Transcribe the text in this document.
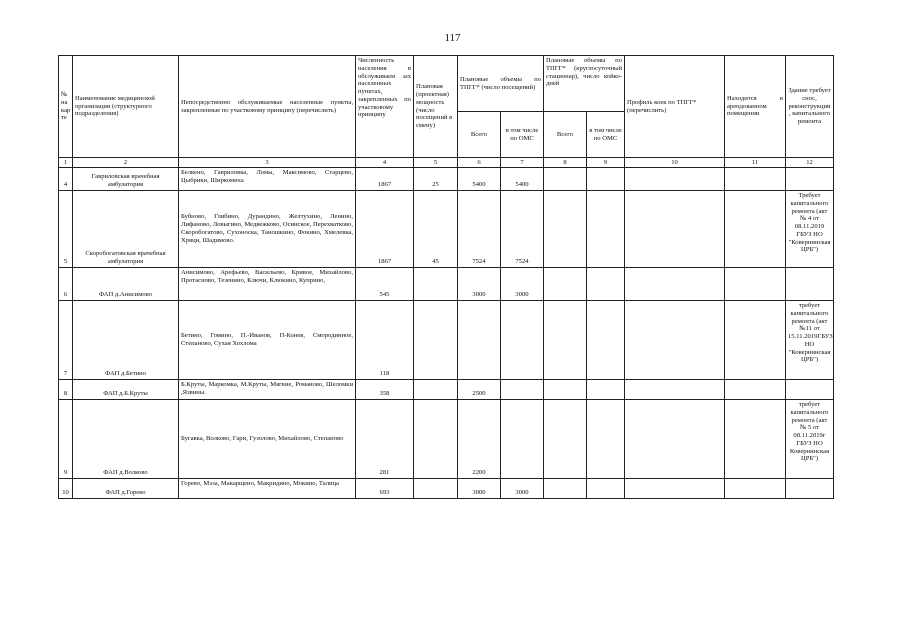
117
№ на кар те	Наименование медицинской организации (структурного подразделения)	Непосредственно обслуживаемые населенные пункты, закрепленные по участковому принципу (перечислить)	Численность населения в обслуживаем ых населенных пунктах, закрепленных по участковому принципу	Плановая (проектная) мощность (число посещений в смену)	Плановые объемы по ТПГГ* (число посещений)		Плановые объемы по ТПГГ* (круглосуточный стационар), число койко-дней		Профиль коек по ТПГГ* (перечислить)	Находится в арендованном помещении	Здание требует снос, реконструкции , капитального ремонта
					Всего	в том числе по ОМС	Всего	в том числе по ОМС			
1	2	3	4	5	6	7	8	9	10	11	12
4	Гавриловская врачебная амбулатория	Белкено, Гавриловка, Ломы, Максимово, Старцево, Цыбрики, Ширкомиха	1867	25	5400	5400					
5	Скоробогатовская врачебная амбулатория	Бубново, Глибино, Дурандино, Желтухино, Ленино, Лифаново, Ловыгино, Медвежково, Осинское, Перехватково, Скоробогатово, Сухоноска, Таношкино, Фокино, Хмелевка, Хряци, Шадимово.	1867	45	7524	7524					Требует капитального ремонта (акт № 4 от 08.11.2019 ГБУЗ НО "Ковернинская ЦРБ")
6	ФАП д.Анисимово	Анисимово, Арефьево, Васильево, Кривое, Михайлово, Протасиово, Тезенино, Ключи, Клюкино, Куприно,	545		3000	3000					
7	ФАП д.Бетино	Бетино, Гомино, П.-Иванов, П-Конев, Смородинное, Степаново, Сухая Хохлома	118								требует капитального ремонта (акт №11 от 15.11.2019ГБУЗ НО "Ковернинская ЦРБ")
8	ФАП д.Б.Круты	Б.Круты, Маркомка, М.Круты, Мягкие, Романово, Шеломки ,Язвины.	358		2500						
9	ФАП д.Волково	Бугавка, Волково, Гари, Гузолово, Михайлово, Степаново	281		2200						требует капитального ремонта (акт № 5 от 08.11.2019г ГБУЗ НО Ковернинская ЦРБ")
10	ФАП д.Горево	Горево, Мэза, Макарщено, Макридино, Мокино, Талица	693		3000	3000					
